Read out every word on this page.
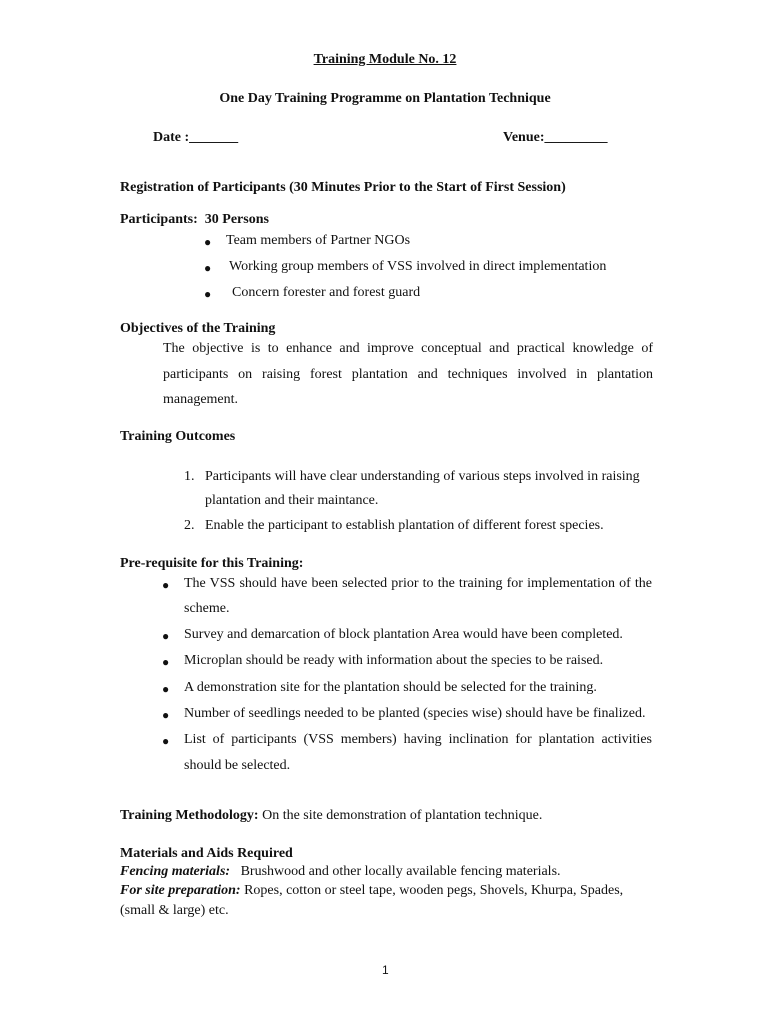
Training Module No. 12
One Day Training Programme on Plantation Technique
Date :_______	Venue:_________
Registration of Participants (30 Minutes Prior to the Start of First Session)
Participants: 30 Persons
● Team members of Partner NGOs
● Working group members of VSS involved in direct implementation
● Concern forester and forest guard
Objectives of the Training
The objective is to enhance and improve conceptual and practical knowledge of
participants on raising forest plantation and techniques involved in plantation
management.
Training Outcomes
1. Participants will have clear understanding of various steps involved in raising
plantation and their maintance.
2. Enable the participant to establish plantation of different forest species.
Pre-requisite for this Training:
● The VSS should have been selected prior to the training for implementation of the
scheme.
● Survey and demarcation of block plantation Area would have been completed.
● Microplan should be ready with information about the species to be raised.
● A demonstration site for the plantation should be selected for the training.
● Number of seedlings needed to be planted (species wise) should have be finalized.
● List of participants (VSS members) having inclination for plantation activities
should be selected.
Training Methodology: On the site demonstration of plantation technique.
Materials and Aids Required
Fencing materials: Brushwood and other locally available fencing materials.
For site preparation: Ropes, cotton or steel tape, wooden pegs, Shovels, Khurpa, Spades,
(small & large) etc.
1
